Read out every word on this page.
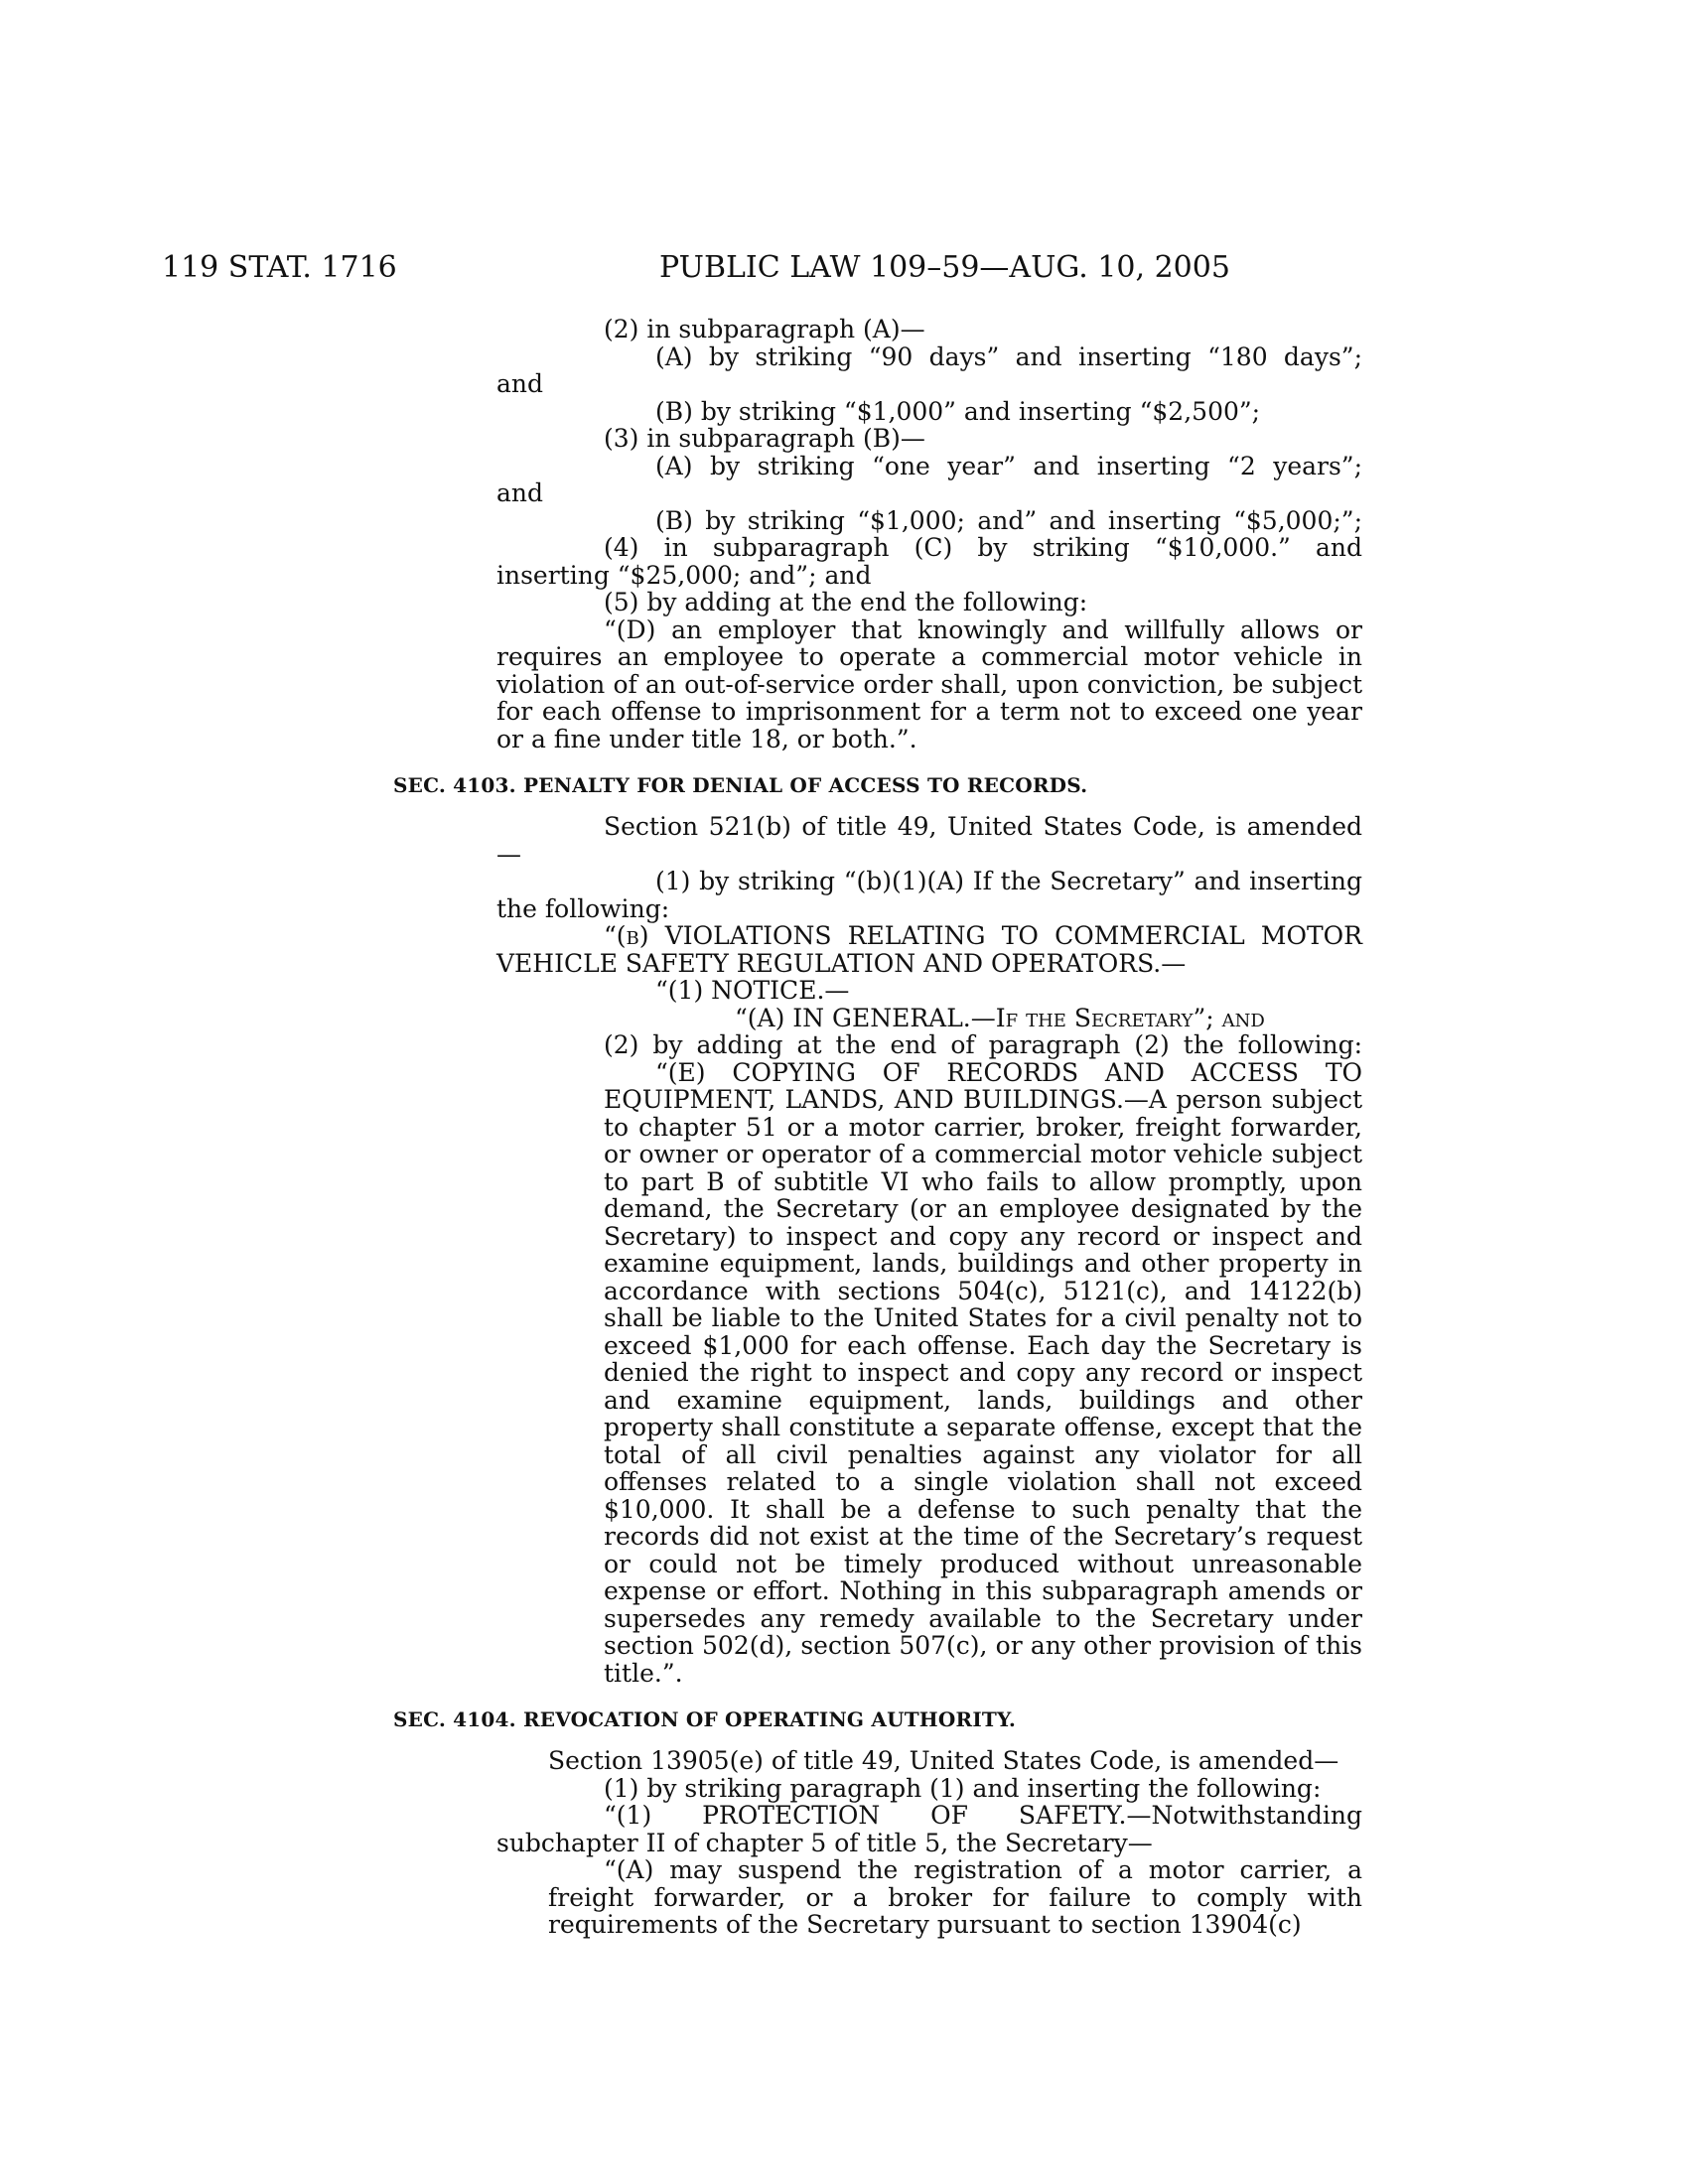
119 STAT. 1716	PUBLIC LAW 109–59—AUG. 10, 2005

(2) in subparagraph (A)—

(A) by striking “90 days” and inserting “180 days”;

and

(B) by striking “$1,000” and inserting “$2,500”;

(3) in subparagraph (B)—

(A) by striking “one year” and inserting “2 years”;

and

(B) by striking “$1,000; and” and inserting “$5,000;”;

(4) in subparagraph (C) by striking “$10,000.” and inserting “$25,000; and”; and

(5) by adding at the end the following:

“(D) an employer that knowingly and willfully allows or requires an employee to operate a commercial motor vehicle in violation of an out-of-service order shall, upon conviction, be subject for each offense to imprisonment for a term not to exceed one year or a fine under title 18, or both.”.

SEC. 4103. PENALTY FOR DENIAL OF ACCESS TO RECORDS.

Section 521(b) of title 49, United States Code, is amended—

(1) by striking “(b)(1)(A) If the Secretary” and inserting the following:

“(b) VIOLATIONS RELATING TO COMMERCIAL MOTOR VEHICLE SAFETY REGULATION AND OPERATORS.—

“(1) NOTICE.—

“(A) IN GENERAL.—If the Secretary”; and

(2) by adding at the end of paragraph (2) the following:

“(E) COPYING OF RECORDS AND ACCESS TO EQUIPMENT, LANDS, AND BUILDINGS.—A person subject to chapter 51 or a motor carrier, broker, freight forwarder, or owner or operator of a commercial motor vehicle subject to part B of subtitle VI who fails to allow promptly, upon demand, the Secretary (or an employee designated by the Secretary) to inspect and copy any record or inspect and examine equipment, lands, buildings and other property in accordance with sections 504(c), 5121(c), and 14122(b) shall be liable to the United States for a civil penalty not to exceed $1,000 for each offense. Each day the Secretary is denied the right to inspect and copy any record or inspect and examine equipment, lands, buildings and other property shall constitute a separate offense, except that the total of all civil penalties against any violator for all offenses related to a single violation shall not exceed $10,000. It shall be a defense to such penalty that the records did not exist at the time of the Secretary’s request or could not be timely produced without unreasonable expense or effort. Nothing in this subparagraph amends or supersedes any remedy available to the Secretary under section 502(d), section 507(c), or any other provision of this title.”.

SEC. 4104. REVOCATION OF OPERATING AUTHORITY.

Section 13905(e) of title 49, United States Code, is amended—

(1) by striking paragraph (1) and inserting the following:

“(1) PROTECTION OF SAFETY.—Notwithstanding subchapter II of chapter 5 of title 5, the Secretary—

“(A) may suspend the registration of a motor carrier, a freight forwarder, or a broker for failure to comply with requirements of the Secretary pursuant to section 13904(c)
